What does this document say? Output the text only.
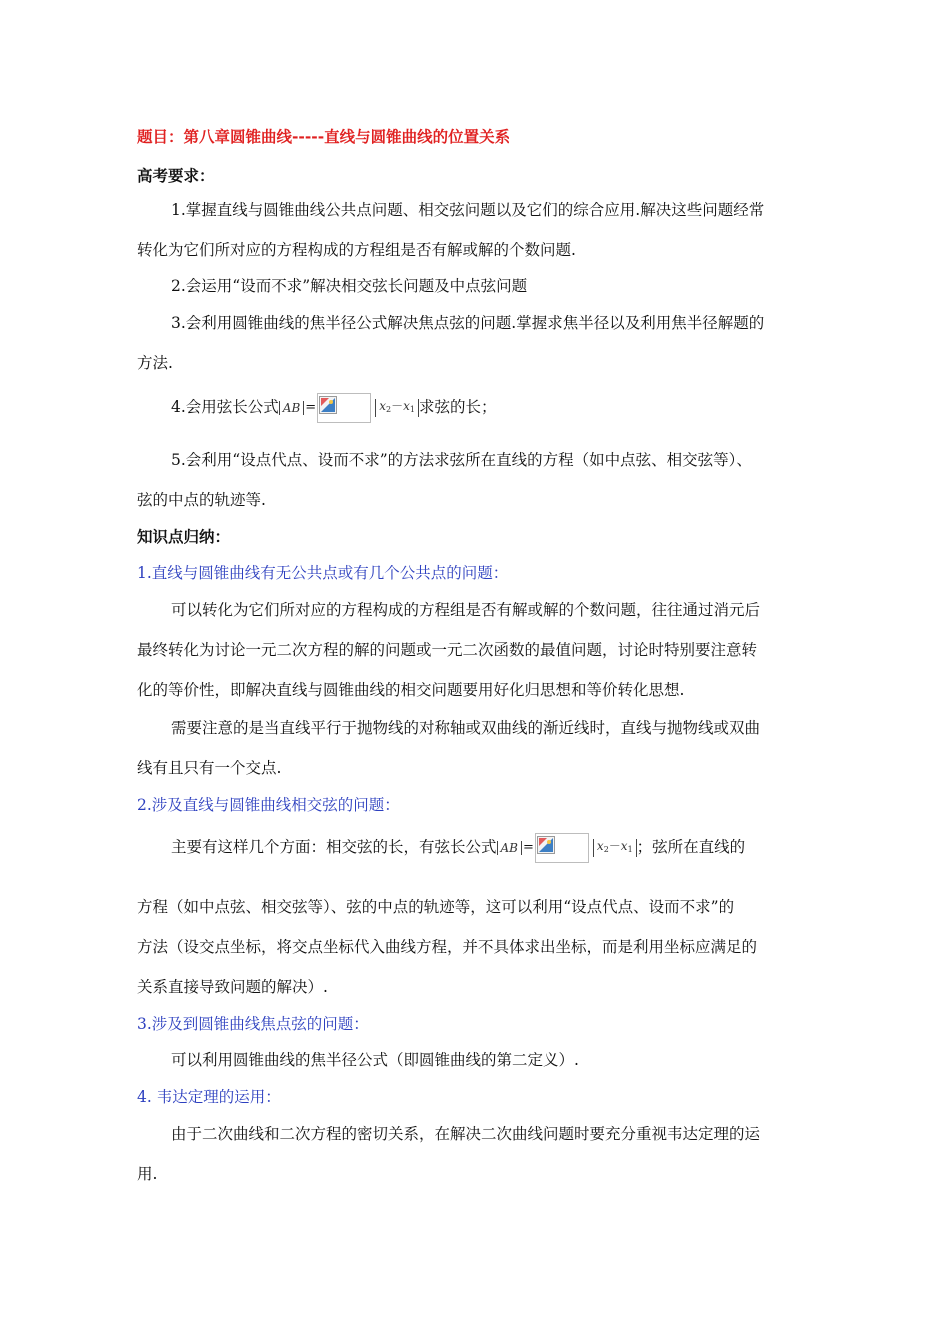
题目：第八章圆锥曲线-----直线与圆锥曲线的位置关系
高考要求：
1.掌握直线与圆锥曲线公共点问题、相交弦问题以及它们的综合应用.解决这些问题经常
转化为它们所对应的方程构成的方程组是否有解或解的个数问题.
2.会运用“设而不求”解决相交弦长问题及中点弦问题
3.会利用圆锥曲线的焦半径公式解决焦点弦的问题.掌握求焦半径以及利用焦半径解题的
方法.
4.会用弦长公式 AB =	$x_2-x_1$ 求弦的长；
5.会利用“设点代点、设而不求”的方法求弦所在直线的方程（如中点弦、相交弦等）、
弦的中点的轨迹等.
知识点归纳：
1.直线与圆锥曲线有无公共点或有几个公共点的问题：
可以转化为它们所对应的方程构成的方程组是否有解或解的个数问题，往往通过消元后
最终转化为讨论一元二次方程的解的问题或一元二次函数的最值问题，讨论时特别要注意转
化的等价性，即解决直线与圆锥曲线的相交问题要用好化归思想和等价转化思想.
需要注意的是当直线平行于抛物线的对称轴或双曲线的渐近线时，直线与抛物线或双曲
线有且只有一个交点.
2.涉及直线与圆锥曲线相交弦的问题：
主要有这样几个方面：相交弦的长，有弦长公式 AB =	$x_2-x_1$ ；弦所在直线的
方程（如中点弦、相交弦等）、弦的中点的轨迹等，这可以利用“设点代点、设而不求”的
方法（设交点坐标，将交点坐标代入曲线方程，并不具体求出坐标，而是利用坐标应满足的
关系直接导致问题的解决）.
3.涉及到圆锥曲线焦点弦的问题：
可以利用圆锥曲线的焦半径公式（即圆锥曲线的第二定义）.
4. 韦达定理的运用：
由于二次曲线和二次方程的密切关系，在解决二次曲线问题时要充分重视韦达定理的运
用.
